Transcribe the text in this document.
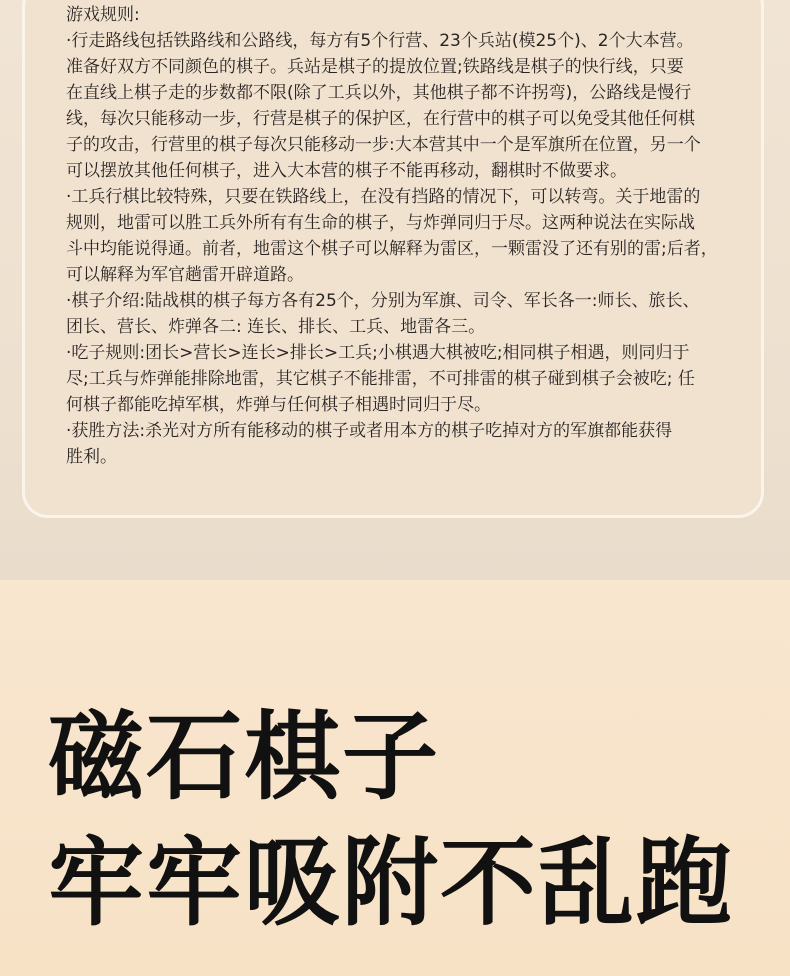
游戏规则:

·行走路线包括铁路线和公路线，每方有5个行营、23个兵站(模25个)、2个大本营。
准备好双方不同颜色的棋子。兵站是棋子的提放位置;铁路线是棋子的快行线，只要
在直线上棋子走的步数都不限(除了工兵以外，其他棋子都不许拐弯)，公路线是慢行
线，每次只能移动一步，行营是棋子的保护区，在行营中的棋子可以免受其他任何棋
子的攻击，行营里的棋子每次只能移动一步:大本营其中一个是军旗所在位置，另一个
可以摆放其他任何棋子，进入大本营的棋子不能再移动，翻棋时不做要求。

·工兵行棋比较特殊，只要在铁路线上，在没有挡路的情况下，可以转弯。关于地雷的
规则，地雷可以胜工兵外所有有生命的棋子，与炸弹同归于尽。这两种说法在实际战
斗中均能说得通。前者，地雷这个棋子可以解释为雷区，一颗雷没了还有别的雷;后者，
可以解释为军官趟雷开辟道路。

·棋子介绍:陆战棋的棋子每方各有25个，分别为军旗、司令、军长各一:师长、旅长、
团长、营长、炸弹各二: 连长、排长、工兵、地雷各三。

·吃子规则:团长>营长>连长>排长>工兵;小棋遇大棋被吃;相同棋子相遇，则同归于
尽;工兵与炸弹能排除地雷，其它棋子不能排雷，不可排雷的棋子碰到棋子会被吃; 任
何棋子都能吃掉军棋，炸弹与任何棋子相遇时同归于尽。

·获胜方法:杀光对方所有能移动的棋子或者用本方的棋子吃掉对方的军旗都能获得
胜利。

磁石棋子
牢牢吸附不乱跑
